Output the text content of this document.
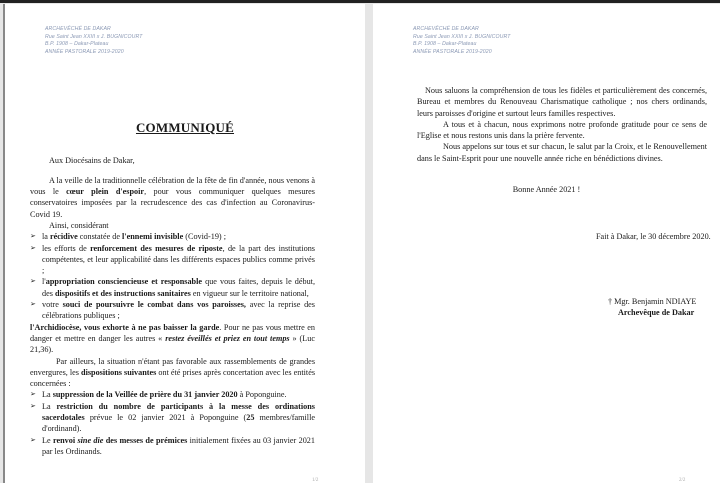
ARCHEVÊCHÉ DE DAKAR
Rue Saint Jean XXIII x J. BUGNICOURT
B.P. 1908 – Dakar-Plateau
ANNÉE PASTORALE 2019-2020
COMMUNIQUÉ

Aux Diocésains de Dakar,

A la veille de la traditionnelle célébration de la fête de fin d'année, nous venons à vous le cœur plein d'espoir, pour vous communiquer quelques mesures conservatoires imposées par la recrudescence des cas d'infection au Coronavirus-Covid 19.

Ainsi, considérant

➢ la récidive constatée de l'ennemi invisible (Covid-19) ;
➢ les efforts de renforcement des mesures de riposte, de la part des institutions compétentes, et leur applicabilité dans les différents espaces publics comme privés ;
➢ l'appropriation consciencieuse et responsable que vous faites, depuis le début, des dispositifs et des instructions sanitaires en vigueur sur le territoire national,
➢ votre souci de poursuivre le combat dans vos paroisses, avec la reprise des célébrations publiques ;

l'Archidiocèse, vous exhorte à ne pas baisser la garde. Pour ne pas vous mettre en danger et mettre en danger les autres « restez éveillés et priez en tout temps » (Luc 21,36).

Par ailleurs, la situation n'étant pas favorable aux rassemblements de grandes envergures, les dispositions suivantes ont été prises après concertation avec les entités concernées :

➢ La suppression de la Veillée de prière du 31 janvier 2020 à Poponguine.
➢ La restriction du nombre de participants à la messe des ordinations sacerdotales prévue le 02 janvier 2021 à Poponguine (25 membres/famille d'ordinand).
➢ Le renvoi sine die des messes de prémices initialement fixées au 03 janvier 2021 par les Ordinands.
1/2
ARCHEVÊCHÉ DE DAKAR
Rue Saint Jean XXIII x J. BUGNICOURT
B.P. 1908 – Dakar-Plateau
ANNÉE PASTORALE 2019-2020

Nous saluons la compréhension de tous les fidèles et particulièrement des concernés, Bureau et membres du Renouveau Charismatique catholique ; nos chers ordinands, leurs paroisses d'origine et surtout leurs familles respectives.

A tous et à chacun, nous exprimons notre profonde gratitude pour ce sens de l'Eglise et nous restons unis dans la prière fervente.

Nous appelons sur tous et sur chacun, le salut par la Croix, et le Renouvellement dans le Saint-Esprit pour une nouvelle année riche en bénédictions divines.

Bonne Année 2021 !
Fait à Dakar, le 30 décembre 2020.
† Mgr. Benjamin NDIAYE
Archevêque de Dakar
2/2
